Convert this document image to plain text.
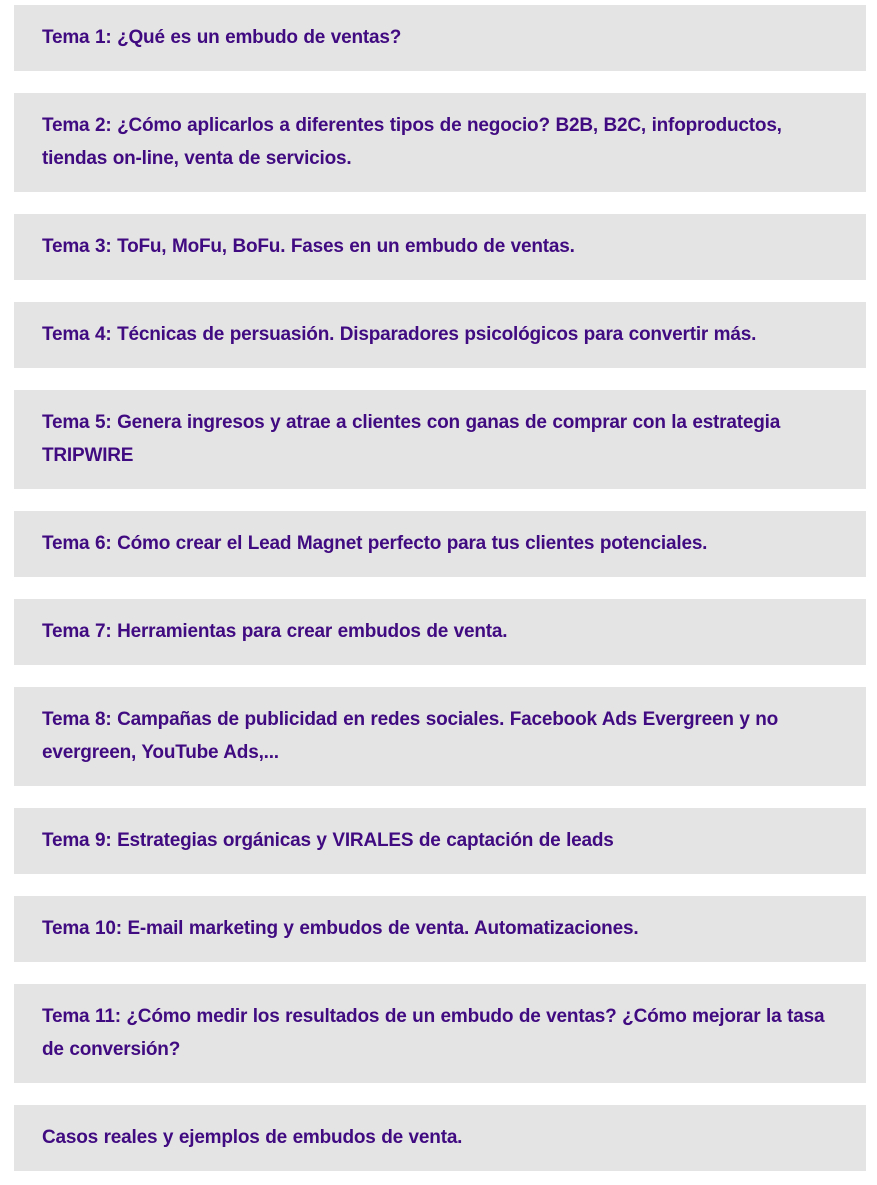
Tema 1: ¿Qué es un embudo de ventas?
Tema 2: ¿Cómo aplicarlos a diferentes tipos de negocio? B2B, B2C, infoproductos, tiendas on-line, venta de servicios.
Tema 3: ToFu, MoFu, BoFu. Fases en un embudo de ventas.
Tema 4: Técnicas de persuasión. Disparadores psicológicos para convertir más.
Tema 5: Genera ingresos y atrae a clientes con ganas de comprar con la estrategia TRIPWIRE
Tema 6: Cómo crear el Lead Magnet perfecto para tus clientes potenciales.
Tema 7: Herramientas para crear embudos de venta.
Tema 8: Campañas de publicidad en redes sociales. Facebook Ads Evergreen y no evergreen, YouTube Ads,...
Tema 9: Estrategias orgánicas y VIRALES de captación de leads
Tema 10: E-mail marketing y embudos de venta. Automatizaciones.
Tema 11: ¿Cómo medir los resultados de un embudo de ventas? ¿Cómo mejorar la tasa de conversión?
Casos reales y ejemplos de embudos de venta.
